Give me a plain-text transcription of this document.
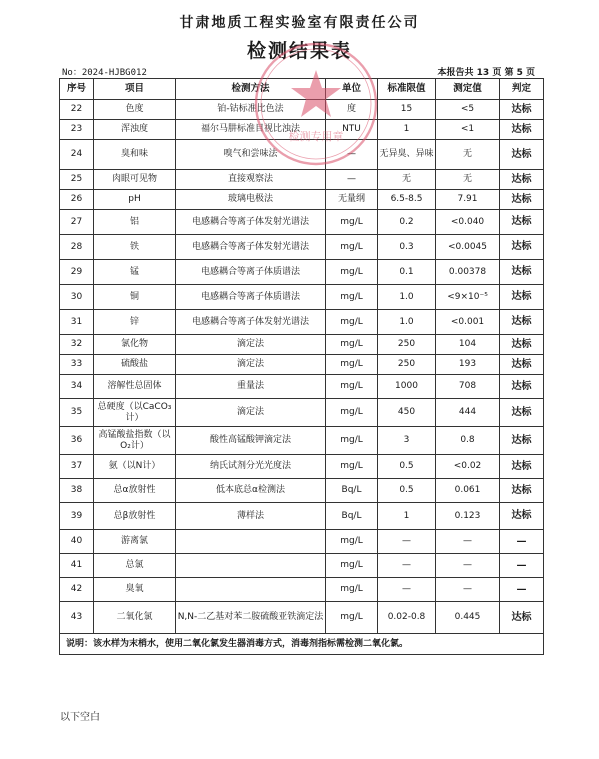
甘肃地质工程实验室有限责任公司
检测结果表
No：2024-HJBG012	本报告共 13 页 第 5 页
序号	项目	检测方法	单位	标准限值	测定值	判定
22	色度	铂-钴标准比色法	度	15	<5	达标
23	浑浊度	福尔马肼标准目视比浊法	NTU	1	<1	达标
24	臭和味	嗅气和尝味法	—	无异臭、异味	无	达标
25	肉眼可见物	直接观察法	—	无	无	达标
26	pH	玻璃电极法	无量纲	6.5-8.5	7.91	达标
27	铝	电感耦合等离子体发射光谱法	mg/L	0.2	<0.040	达标
28	铁	电感耦合等离子体发射光谱法	mg/L	0.3	<0.0045	达标
29	锰	电感耦合等离子体质谱法	mg/L	0.1	0.00378	达标
30	铜	电感耦合等离子体质谱法	mg/L	1.0	<9×10⁻⁵	达标
31	锌	电感耦合等离子体发射光谱法	mg/L	1.0	<0.001	达标
32	氯化物	滴定法	mg/L	250	104	达标
33	硫酸盐	滴定法	mg/L	250	193	达标
34	溶解性总固体	重量法	mg/L	1000	708	达标
35	总硬度（以CaCO₃计）	滴定法	mg/L	450	444	达标
36	高锰酸盐指数（以O₂计）	酸性高锰酸钾滴定法	mg/L	3	0.8	达标
37	氨（以N计）	纳氏试剂分光光度法	mg/L	0.5	<0.02	达标
38	总α放射性	低本底总α检测法	Bq/L	0.5	0.061	达标
39	总β放射性	薄样法	Bq/L	1	0.123	达标
40	游离氯		mg/L	—	—	—
41	总氯		mg/L	—	—	—
42	臭氧		mg/L	—	—	—
43	二氧化氯	N,N-二乙基对苯二胺硫酸亚铁滴定法	mg/L	0.02-0.8	0.445	达标
说明：该水样为末梢水，使用二氧化氯发生器消毒方式，消毒剂指标需检测二氧化氯。						
检测专用章
以下空白
